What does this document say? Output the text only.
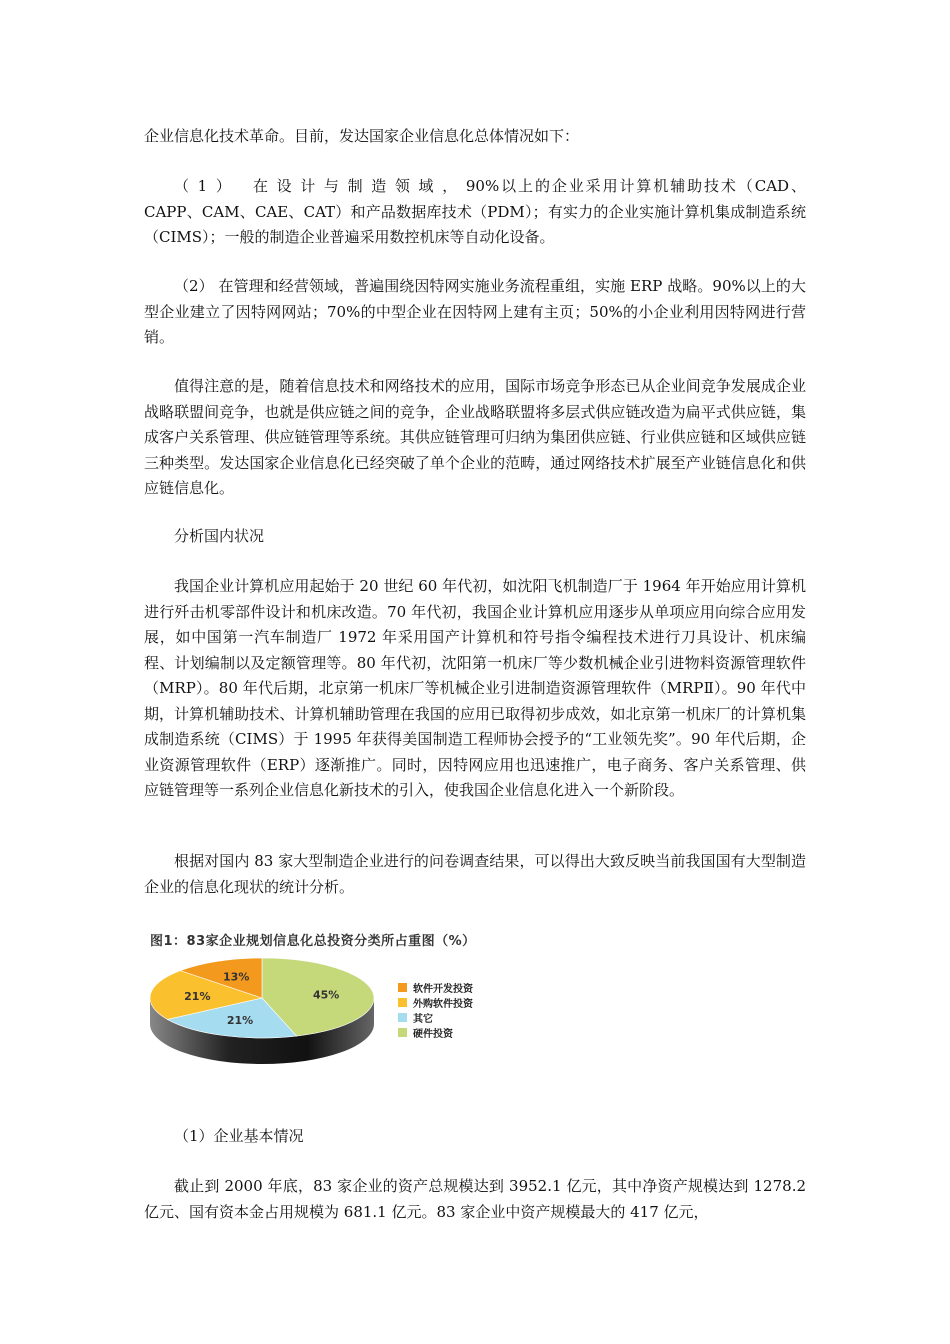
企业信息化技术革命。目前，发达国家企业信息化总体情况如下：

（1） 在设计与制造领域，90%以上的企业采用计算机辅助技术（CAD、CAPP、CAM、CAE、CAT）和产品数据库技术（PDM）；有实力的企业实施计算机集成制造系统（CIMS）；一般的制造企业普遍采用数控机床等自动化设备。

（2） 在管理和经营领域，普遍围绕因特网实施业务流程重组，实施 ERP 战略。90%以上的大型企业建立了因特网网站；70%的中型企业在因特网上建有主页；50%的小企业利用因特网进行营销。

值得注意的是，随着信息技术和网络技术的应用，国际市场竞争形态已从企业间竞争发展成企业战略联盟间竞争，也就是供应链之间的竞争，企业战略联盟将多层式供应链改造为扁平式供应链，集成客户关系管理、供应链管理等系统。其供应链管理可归纳为集团供应链、行业供应链和区域供应链三种类型。发达国家企业信息化已经突破了单个企业的范畴，通过网络技术扩展至产业链信息化和供应链信息化。

分析国内状况

我国企业计算机应用起始于 20 世纪 60 年代初，如沈阳飞机制造厂于 1964 年开始应用计算机进行歼击机零部件设计和机床改造。70 年代初，我国企业计算机应用逐步从单项应用向综合应用发展，如中国第一汽车制造厂 1972 年采用国产计算机和符号指令编程技术进行刀具设计、机床编程、计划编制以及定额管理等。80 年代初，沈阳第一机床厂等少数机械企业引进物料资源管理软件（MRP）。80 年代后期，北京第一机床厂等机械企业引进制造资源管理软件（MRPⅡ）。90 年代中期，计算机辅助技术、计算机辅助管理在我国的应用已取得初步成效，如北京第一机床厂的计算机集成制造系统（CIMS）于 1995 年获得美国制造工程师协会授予的“工业领先奖”。90 年代后期，企业资源管理软件（ERP）逐渐推广。同时，因特网应用也迅速推广，电子商务、客户关系管理、供应链管理等一系列企业信息化新技术的引入，使我国企业信息化进入一个新阶段。

根据对国内 83 家大型制造企业进行的问卷调查结果，可以得出大致反映当前我国国有大型制造企业的信息化现状的统计分析。

（1）企业基本情况

截止到 2000 年底，83 家企业的资产总规模达到 3952.1 亿元，其中净资产规模达到 1278.2 亿元、国有资本金占用规模为 681.1 亿元。83 家企业中资产规模最大的 417 亿元，

图1：83家企业规划信息化总投资分类所占重图（%）
13%
21%
21%
45%	软件开发投资
外购软件投资
其它
硬件投资
